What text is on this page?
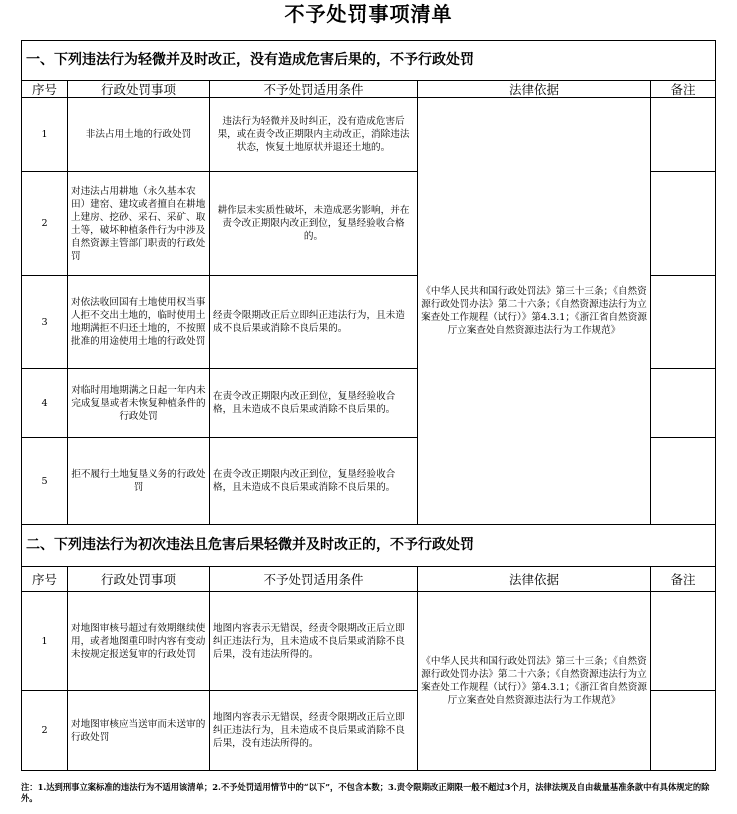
不予处罚事项清单
一、下列违法行为轻微并及时改正，没有造成危害后果的，不予行政处罚				
序号	行政处罚事项	不予处罚适用条件	法律依据	备注
1	非法占用土地的行政处罚	违法行为轻微并及时纠正，没有造成危害后果，或在责令改正期限内主动改正，消除违法状态，恢复土地原状并退还土地的。	《中华人民共和国行政处罚法》第三十三条；《自然资源行政处罚办法》第二十六条；《自然资源违法行为立案查处工作规程（试行）》第4.3.1；《浙江省自然资源厅立案查处自然资源违法行为工作规范》	
2	对违法占用耕地（永久基本农田）建窑、建坟或者擅自在耕地上建房、挖砂、采石、采矿、取土等，破坏种植条件行为中涉及自然资源主管部门职责的行政处罚	耕作层未实质性破坏，未造成恶劣影响，并在责令改正期限内改正到位，复垦经验收合格的。		
3	对依法收回国有土地使用权当事人拒不交出土地的，临时使用土地期满拒不归还土地的，不按照批准的用途使用土地的行政处罚	经责令限期改正后立即纠正违法行为，且未造成不良后果或消除不良后果的。		
4	对临时用地期满之日起一年内未完成复垦或者未恢复种植条件的行政处罚	在责令改正期限内改正到位，复垦经验收合格，且未造成不良后果或消除不良后果的。		
5	拒不履行土地复垦义务的行政处罚	在责令改正期限内改正到位，复垦经验收合格，且未造成不良后果或消除不良后果的。		
二、下列违法行为初次违法且危害后果轻微并及时改正的，不予行政处罚				
序号	行政处罚事项	不予处罚适用条件	法律依据	备注
1	对地图审核号超过有效期继续使用，或者地图重印时内容有变动未按规定报送复审的行政处罚	地图内容表示无错误，经责令限期改正后立即纠正违法行为，且未造成不良后果或消除不良后果，没有违法所得的。	《中华人民共和国行政处罚法》第三十三条；《自然资源行政处罚办法》第二十六条；《自然资源违法行为立案查处工作规程（试行）》第4.3.1；《浙江省自然资源厅立案查处自然资源违法行为工作规范》	
2	对地图审核应当送审而未送审的行政处罚	地图内容表示无错误，经责令限期改正后立即纠正违法行为，且未造成不良后果或消除不良后果，没有违法所得的。		
注：1.达到刑事立案标准的违法行为不适用该清单；2.不予处罚适用情节中的“以下”，不包含本数；3.责令限期改正期限一般不超过3个月，法律法规及自由裁量基准条款中有具体规定的除外。
